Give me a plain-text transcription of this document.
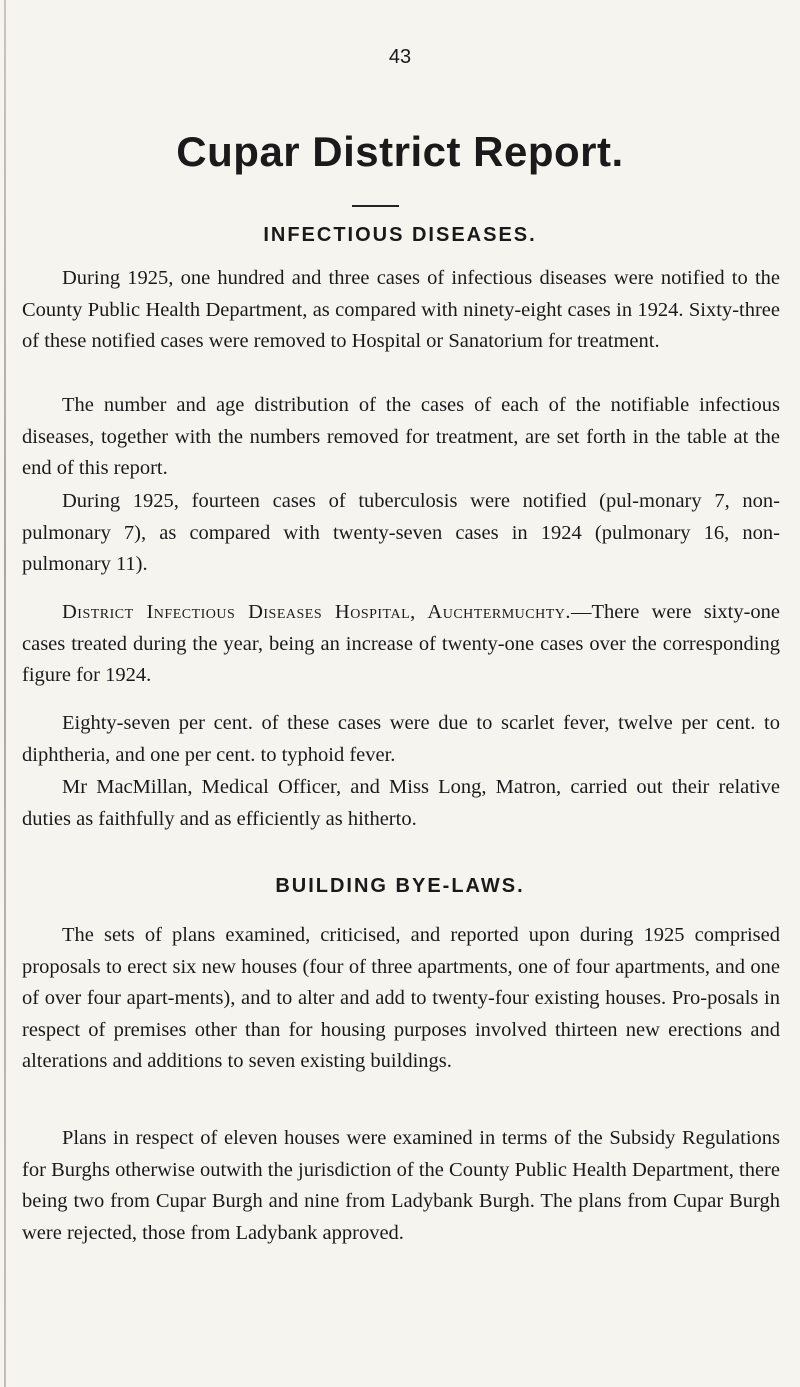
43
Cupar District Report.
INFECTIOUS DISEASES.

During 1925, one hundred and three cases of infectious diseases were notified to the County Public Health Department, as compared with ninety-eight cases in 1924. Sixty-three of these notified cases were removed to Hospital or Sanatorium for treatment.

The number and age distribution of the cases of each of the notifiable infectious diseases, together with the numbers removed for treatment, are set forth in the table at the end of this report.

During 1925, fourteen cases of tuberculosis were notified (pul-monary 7, non-pulmonary 7), as compared with twenty-seven cases in 1924 (pulmonary 16, non-pulmonary 11).

District Infectious Diseases Hospital, Auchtermuchty.—There were sixty-one cases treated during the year, being an increase of twenty-one cases over the corresponding figure for 1924.

Eighty-seven per cent. of these cases were due to scarlet fever, twelve per cent. to diphtheria, and one per cent. to typhoid fever.

Mr MacMillan, Medical Officer, and Miss Long, Matron, carried out their relative duties as faithfully and as efficiently as hitherto.

BUILDING BYE-LAWS.

The sets of plans examined, criticised, and reported upon during 1925 comprised proposals to erect six new houses (four of three apartments, one of four apartments, and one of over four apart-ments), and to alter and add to twenty-four existing houses. Pro-posals in respect of premises other than for housing purposes involved thirteen new erections and alterations and additions to seven existing buildings.

Plans in respect of eleven houses were examined in terms of the Subsidy Regulations for Burghs otherwise outwith the jurisdiction of the County Public Health Department, there being two from Cupar Burgh and nine from Ladybank Burgh. The plans from Cupar Burgh were rejected, those from Ladybank approved.
